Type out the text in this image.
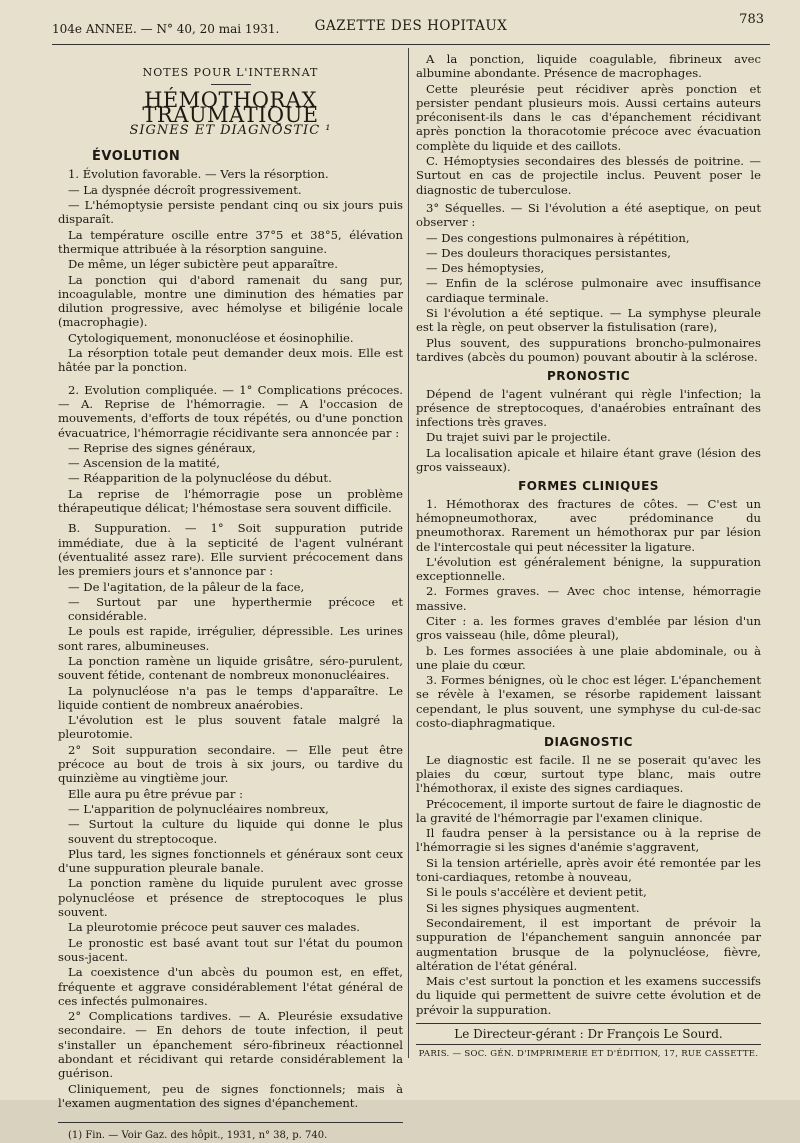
104e ANNEE. — N° 40, 20 mai 1931.	GAZETTE DES HOPITAUX	783
NOTES POUR L'INTERNAT
HÉMOTHORAX TRAUMATIQUE
SIGNES ET DIAGNOSTIC ¹
ÉVOLUTION

1. Évolution favorable. — Vers la résorption.

— La dyspnée décroît progressivement.

— L'hémoptysie persiste pendant cinq ou six jours puis disparaît.

La température oscille entre 37°5 et 38°5, élévation thermique attribuée à la résorption sanguine.

De même, un léger subictère peut apparaître.

La ponction qui d'abord ramenait du sang pur, incoagulable, montre une diminution des hématies par dilution progressive, avec hémolyse et biligénie locale (macrophagie).

Cytologiquement, mononucléose et éosinophilie.

La résorption totale peut demander deux mois. Elle est hâtée par la ponction.

2. Evolution compliquée. — 1° Complications précoces. — A. Reprise de l'hémorragie. — A l'occasion de mouvements, d'efforts de toux répétés, ou d'une ponction évacuatrice, l'hémorragie récidivante sera annoncée par :

— Reprise des signes généraux,

— Ascension de la matité,

— Réapparition de la polynucléose du début.

La reprise de l'hémorragie pose un problème thérapeutique délicat; l'hémostase sera souvent difficile.

B. Suppuration. — 1° Soit suppuration putride immédiate, due à la septicité de l'agent vulnérant (éventualité assez rare). Elle survient précocement dans les premiers jours et s'annonce par :

— De l'agitation, de la pâleur de la face,

— Surtout par une hyperthermie précoce et considérable.

Le pouls est rapide, irrégulier, dépressible. Les urines sont rares, albumineuses.

La ponction ramène un liquide grisâtre, séro-purulent, souvent fétide, contenant de nombreux mononucléaires.

La polynucléose n'a pas le temps d'apparaître. Le liquide contient de nombreux anaérobies.

L'évolution est le plus souvent fatale malgré la pleurotomie.

2° Soit suppuration secondaire. — Elle peut être précoce au bout de trois à six jours, ou tardive du quinzième au vingtième jour.

Elle aura pu être prévue par :

— L'apparition de polynucléaires nombreux,

— Surtout la culture du liquide qui donne le plus souvent du streptocoque.

Plus tard, les signes fonctionnels et généraux sont ceux d'une suppuration pleurale banale.

La ponction ramène du liquide purulent avec grosse polynucléose et présence de streptocoques le plus souvent.

La pleurotomie précoce peut sauver ces malades.

Le pronostic est basé avant tout sur l'état du poumon sous-jacent.

La coexistence d'un abcès du poumon est, en effet, fréquente et aggrave considérablement l'état général de ces infectés pulmonaires.

2° Complications tardives. — A. Pleurésie exsudative secondaire. — En dehors de toute infection, il peut s'installer un épanchement séro-fibrineux réactionnel abondant et récidivant qui retarde considérablement la guérison.

Cliniquement, peu de signes fonctionnels; mais à l'examen augmentation des signes d'épanchement.

(1) Fin. — Voir Gaz. des hôpit., 1931, n° 38, p. 740.

A la ponction, liquide coagulable, fibrineux avec albumine abondante. Présence de macrophages.

Cette pleurésie peut récidiver après ponction et persister pendant plusieurs mois. Aussi certains auteurs préconisent-ils dans le cas d'épanchement récidivant après ponction la thoracotomie précoce avec évacuation complète du liquide et des caillots.

C. Hémoptysies secondaires des blessés de poitrine. — Surtout en cas de projectile inclus. Peuvent poser le diagnostic de tuberculose.

3° Séquelles. — Si l'évolution a été aseptique, on peut observer :

— Des congestions pulmonaires à répétition,

— Des douleurs thoraciques persistantes,

— Des hémoptysies,

— Enfin de la sclérose pulmonaire avec insuffisance cardiaque terminale.

Si l'évolution a été septique. — La symphyse pleurale est la règle, on peut observer la fistulisation (rare),

Plus souvent, des suppurations broncho-pulmonaires tardives (abcès du poumon) pouvant aboutir à la sclérose.

PRONOSTIC

Dépend de l'agent vulnérant qui règle l'infection; la présence de streptocoques, d'anaérobies entraînant des infections très graves.

Du trajet suivi par le projectile.

La localisation apicale et hilaire étant grave (lésion des gros vaisseaux).

FORMES CLINIQUES

1. Hémothorax des fractures de côtes. — C'est un hémopneumothorax, avec prédominance du pneumothorax. Rarement un hémothorax pur par lésion de l'intercostale qui peut nécessiter la ligature.

L'évolution est généralement bénigne, la suppuration exceptionnelle.

2. Formes graves. — Avec choc intense, hémorragie massive.

Citer : a. les formes graves d'emblée par lésion d'un gros vaisseau (hile, dôme pleural),

b. Les formes associées à une plaie abdominale, ou à une plaie du cœur.

3. Formes bénignes, où le choc est léger. L'épanchement se révèle à l'examen, se résorbe rapidement laissant cependant, le plus souvent, une symphyse du cul-de-sac costo-diaphragmatique.

DIAGNOSTIC

Le diagnostic est facile. Il ne se poserait qu'avec les plaies du cœur, surtout type blanc, mais outre l'hémothorax, il existe des signes cardiaques.

Précocement, il importe surtout de faire le diagnostic de la gravité de l'hémorragie par l'examen clinique.

Il faudra penser à la persistance ou à la reprise de l'hémorragie si les signes d'anémie s'aggravent,

Si la tension artérielle, après avoir été remontée par les toni-cardiaques, retombe à nouveau,

Si le pouls s'accélère et devient petit,

Si les signes physiques augmentent.

Secondairement, il est important de prévoir la suppuration de l'épanchement sanguin annoncée par augmentation brusque de la polynucléose, fièvre, altération de l'état général.

Mais c'est surtout la ponction et les examens successifs du liquide qui permettent de suivre cette évolution et de prévoir la suppuration.

Le Directeur-gérant : Dr François Le Sourd.
PARIS. — SOC. GÉN. D'IMPRIMERIE ET D'ÉDITION, 17, RUE CASSETTE.
